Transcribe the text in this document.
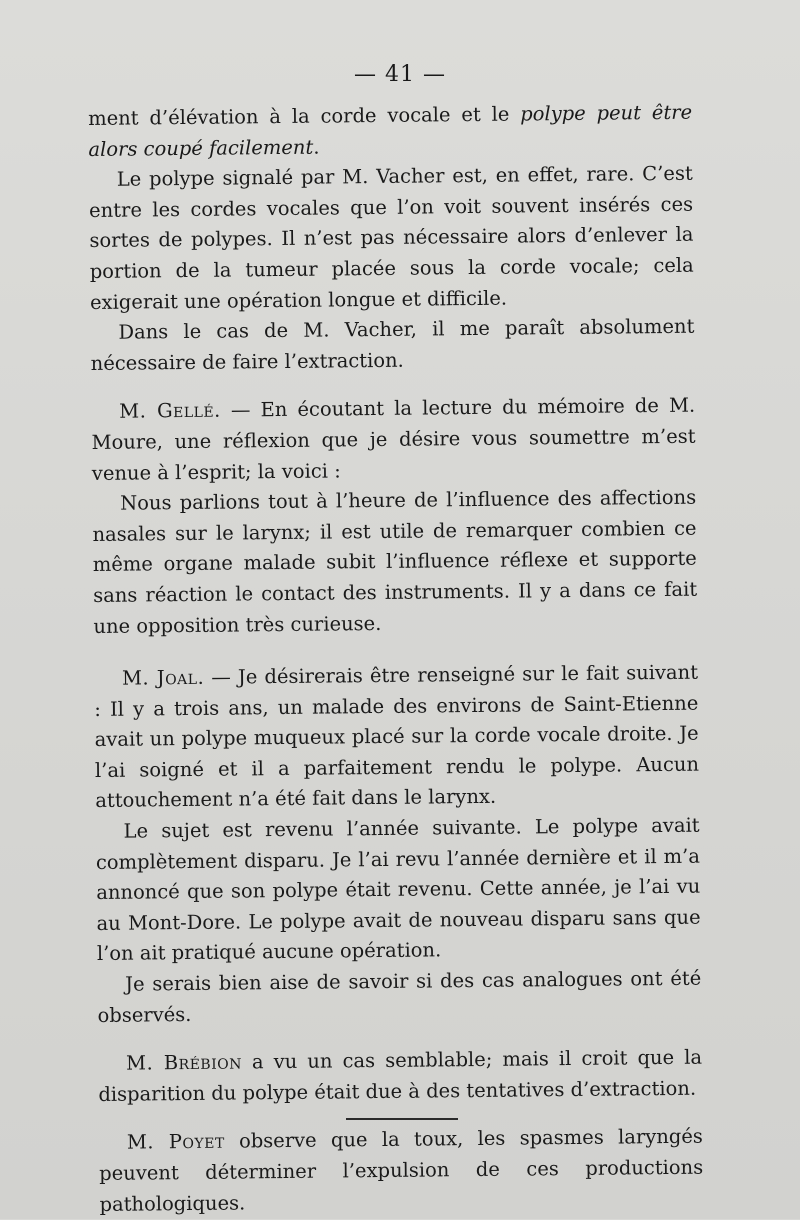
— 41 —

ment d’élévation à la corde vocale et le polype peut être alors coupé facilement.

Le polype signalé par M. Vacher est, en effet, rare. C’est entre les cordes vocales que l’on voit souvent insérés ces sortes de polypes. Il n’est pas nécessaire alors d’enlever la portion de la tumeur placée sous la corde vocale; cela exigerait une opération longue et difficile.

Dans le cas de M. Vacher, il me paraît absolument nécessaire de faire l’extraction.

M. Gellé. — En écoutant la lecture du mémoire de M. Moure, une réflexion que je désire vous soumettre m’est venue à l’esprit; la voici :

Nous parlions tout à l’heure de l’influence des affections nasales sur le larynx; il est utile de remarquer combien ce même organe malade subit l’influence réflexe et supporte sans réaction le contact des instruments. Il y a dans ce fait une opposition très curieuse.

M. Joal. — Je désirerais être renseigné sur le fait suivant : Il y a trois ans, un malade des environs de Saint-Etienne avait un polype muqueux placé sur la corde vocale droite. Je l’ai soigné et il a parfaitement rendu le polype. Aucun attouchement n’a été fait dans le larynx.

Le sujet est revenu l’année suivante. Le polype avait complètement disparu. Je l’ai revu l’année dernière et il m’a annoncé que son polype était revenu. Cette année, je l’ai vu au Mont-Dore. Le polype avait de nouveau disparu sans que l’on ait pratiqué aucune opération.

Je serais bien aise de savoir si des cas analogues ont été observés.

M. Brébion a vu un cas semblable; mais il croit que la disparition du polype était due à des tentatives d’extraction.

M. Poyet observe que la toux, les spasmes laryngés peuvent déterminer l’expulsion de ces productions pathologiques.
